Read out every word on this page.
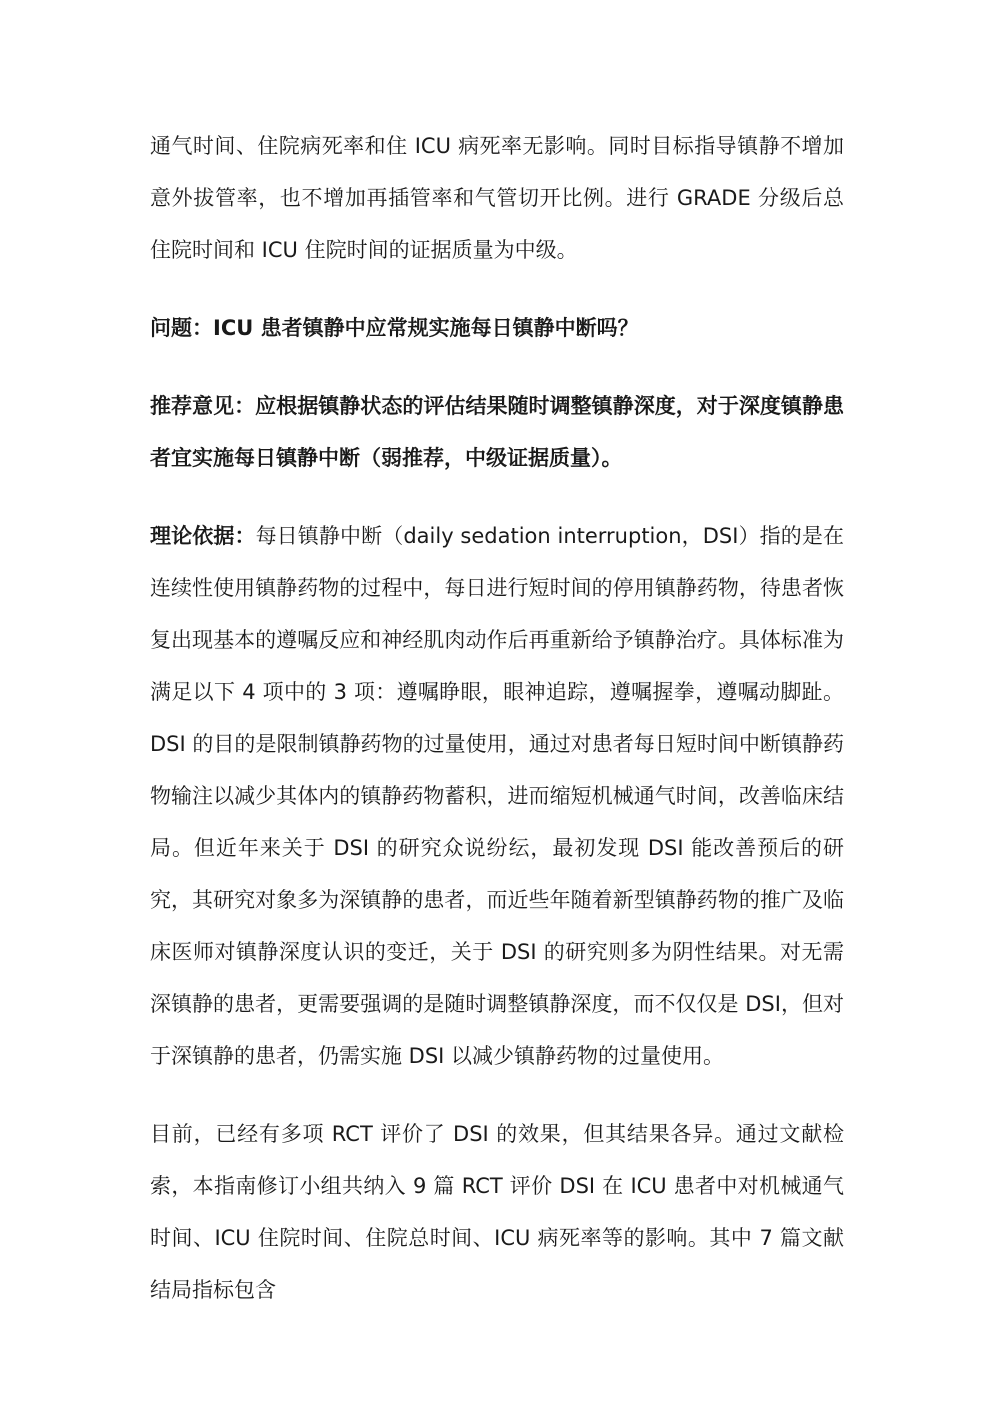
通气时间、住院病死率和住 ICU 病死率无影响。同时目标指导镇静不增加意外拔管率，也不增加再插管率和气管切开比例。进行 GRADE 分级后总住院时间和 ICU 住院时间的证据质量为中级。

问题：ICU 患者镇静中应常规实施每日镇静中断吗？

推荐意见：应根据镇静状态的评估结果随时调整镇静深度，对于深度镇静患者宜实施每日镇静中断（弱推荐，中级证据质量）。

理论依据：每日镇静中断（daily sedation interruption，DSI）指的是在连续性使用镇静药物的过程中，每日进行短时间的停用镇静药物，待患者恢复出现基本的遵嘱反应和神经肌肉动作后再重新给予镇静治疗。具体标准为满足以下 4 项中的 3 项：遵嘱睁眼，眼神追踪，遵嘱握拳，遵嘱动脚趾。DSI 的目的是限制镇静药物的过量使用，通过对患者每日短时间中断镇静药物输注以减少其体内的镇静药物蓄积，进而缩短机械通气时间，改善临床结局。但近年来关于 DSI 的研究众说纷纭，最初发现 DSI 能改善预后的研究，其研究对象多为深镇静的患者，而近些年随着新型镇静药物的推广及临床医师对镇静深度认识的变迁，关于 DSI 的研究则多为阴性结果。对无需深镇静的患者，更需要强调的是随时调整镇静深度，而不仅仅是 DSI，但对于深镇静的患者，仍需实施 DSI 以减少镇静药物的过量使用。

目前，已经有多项 RCT 评价了 DSI 的效果，但其结果各异。通过文献检索，本指南修订小组共纳入 9 篇 RCT 评价 DSI 在 ICU 患者中对机械通气时间、ICU 住院时间、住院总时间、ICU 病死率等的影响。其中 7 篇文献结局指标包含
